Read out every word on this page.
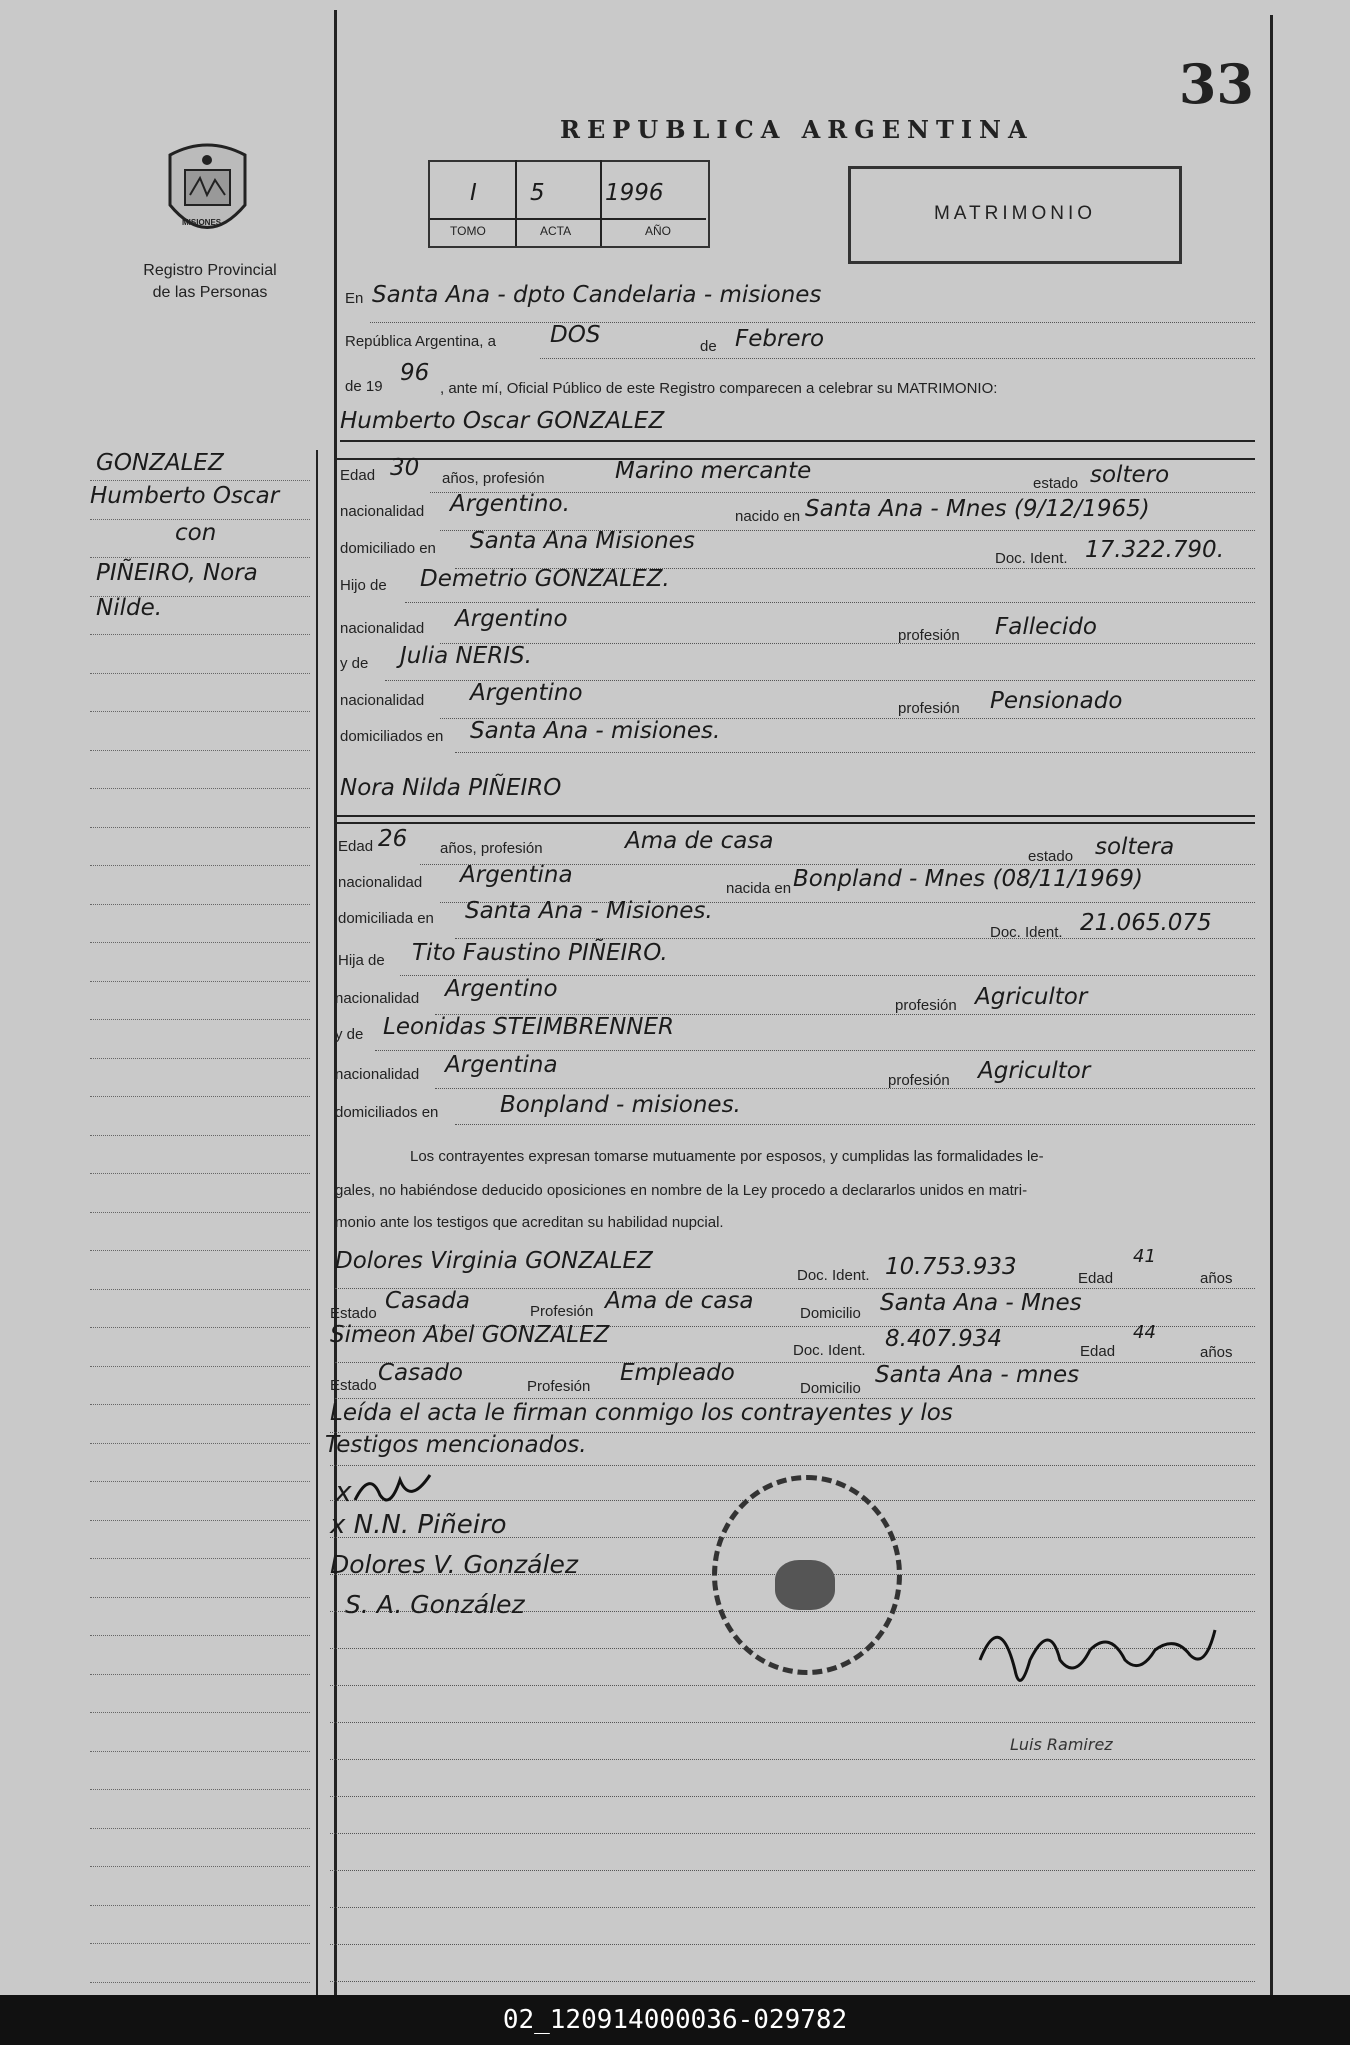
33
MISIONES
Registro Provincial
de las Personas
REPUBLICA ARGENTINA
I 5	1996
TOMO	ACTA	AÑO
MATRIMONIO
GONZALEZ
Humberto Oscar
con
PIÑEIRO, Nora
Nilde.
En Santa Ana - dpto Candelaria - misiones
República Argentina, a DOS	de Febrero
de 19
96
, ante mí, Oficial Público de este Registro comparecen a celebrar su MATRIMONIO:
Humberto Oscar GONZALEZ
Edad 30 años, profesión	Marino mercante	estado soltero
nacionalidad Argentino.	nacido en Santa Ana - Mnes (9/12/1965)
domiciliado en Santa Ana Misiones
Doc. Ident. 17.322.790.
Hijo de Demetrio GONZALEZ.
nacionalidad Argentino
profesión Fallecido
y de Julia NERIS.
nacionalidad Argentino
profesión Pensionado
domiciliados en Santa Ana - misiones.
Nora Nilda PIÑEIRO
Edad 26 años, profesión	Ama de casa
estado soltera
nacionalidad Argentina
nacida en Bonpland - Mnes (08/11/1969)
domiciliada en Santa Ana - Misiones.
Doc. Ident. 21.065.075
Hija de Tito Faustino PIÑEIRO.
nacionalidad Argentino
profesión Agricultor
y de Leonidas STEIMBRENNER
nacionalidad Argentina
profesión Agricultor
domiciliados en	Bonpland - misiones.
Los contrayentes expresan tomarse mutuamente por esposos, y cumplidas las formalidades le-
gales, no habiéndose deducido oposiciones en nombre de la Ley procedo a declararlos unidos en matri-
monio ante los testigos que acreditan su habilidad nupcial.
Dolores Virginia GONZALEZ
Doc. Ident. 10.753.933	Edad
41
años
Estado Casada	Profesión Ama de casa	Domicilio Santa Ana - Mnes
Simeon Abel GONZALEZ
Doc. Ident. 8.407.934	Edad
44
años
Estado Casado
Profesión
Empleado
Domicilio
Santa Ana - mnes
Leída el acta le firman conmigo los contrayentes y los
Testigos mencionados.
x
x N.N. Piñeiro
Dolores V. González
S. A. González
Luis Ramirez
02_120914000036-029782
